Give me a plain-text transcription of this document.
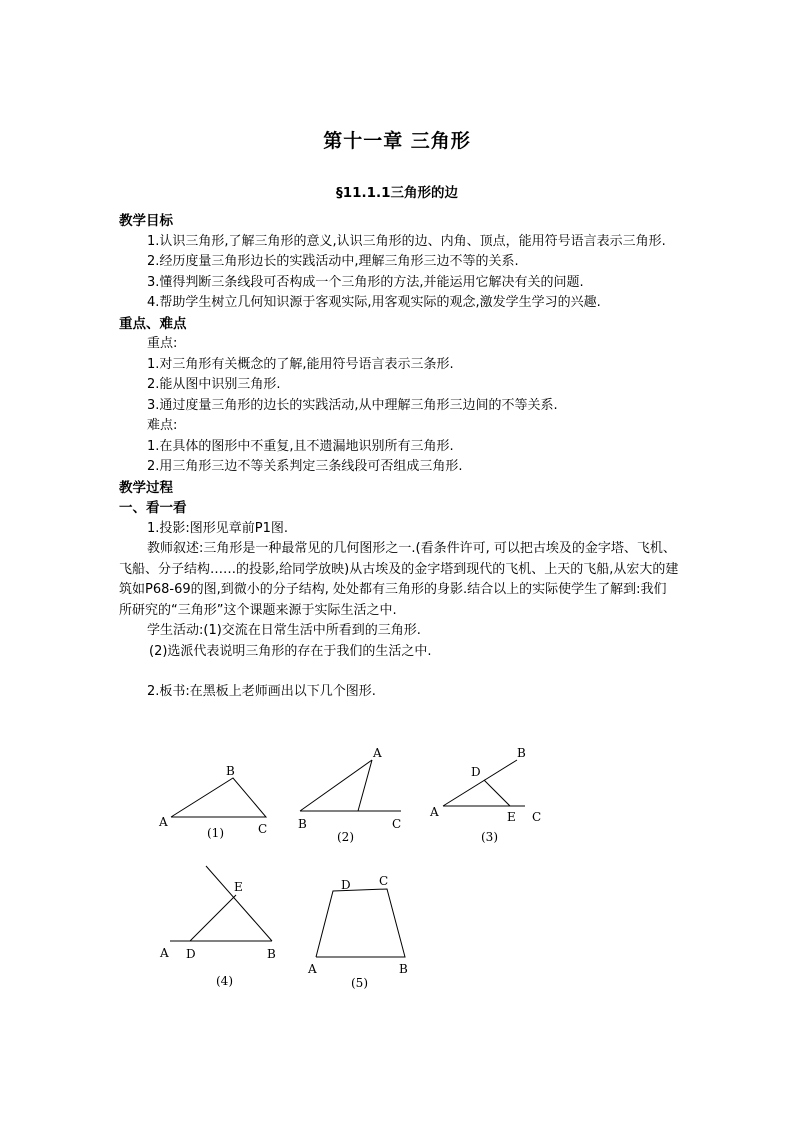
第十一章 三角形
§11.1.1三角形的边
教学目标

1.认识三角形,了解三角形的意义,认识三角形的边、内角、顶点，能用符号语言表示三角形.

2.经历度量三角形边长的实践活动中,理解三角形三边不等的关系.

3.懂得判断三条线段可否构成一个三角形的方法,并能运用它解决有关的问题.

4.帮助学生树立几何知识源于客观实际,用客观实际的观念,激发学生学习的兴趣.

重点、难点
重点:
1.对三角形有关概念的了解,能用符号语言表示三条形.
2.能从图中识别三角形.
3.通过度量三角形的边长的实践活动,从中理解三角形三边间的不等关系.
难点:
1.在具体的图形中不重复,且不遗漏地识别所有三角形.
2.用三角形三边不等关系判定三条线段可否组成三角形.
教学过程
一、看一看
1.投影:图形见章前P1图.

教师叙述:三角形是一种最常见的几何图形之一.(看条件许可, 可以把古埃及的金字塔、飞机、飞船、分子结构……的投影,给同学放映)从古埃及的金字塔到现代的飞机、上天的飞船,从宏大的建筑如P68-69的图,到微小的分子结构, 处处都有三角形的身影.结合以上的实际使学生了解到:我们所研究的“三角形”这个课题来源于实际生活之中.

学生活动:(1)交流在日常生活中所看到的三角形.
(2)选派代表说明三角形的存在于我们的生活之中.
2.板书:在黑板上老师画出以下几个图形.
A
B
C
(1)
A
B	C
(2)
A
B
C
D
E
(3)
A	B
D
E
(4)
A	B
C
D
(5)
